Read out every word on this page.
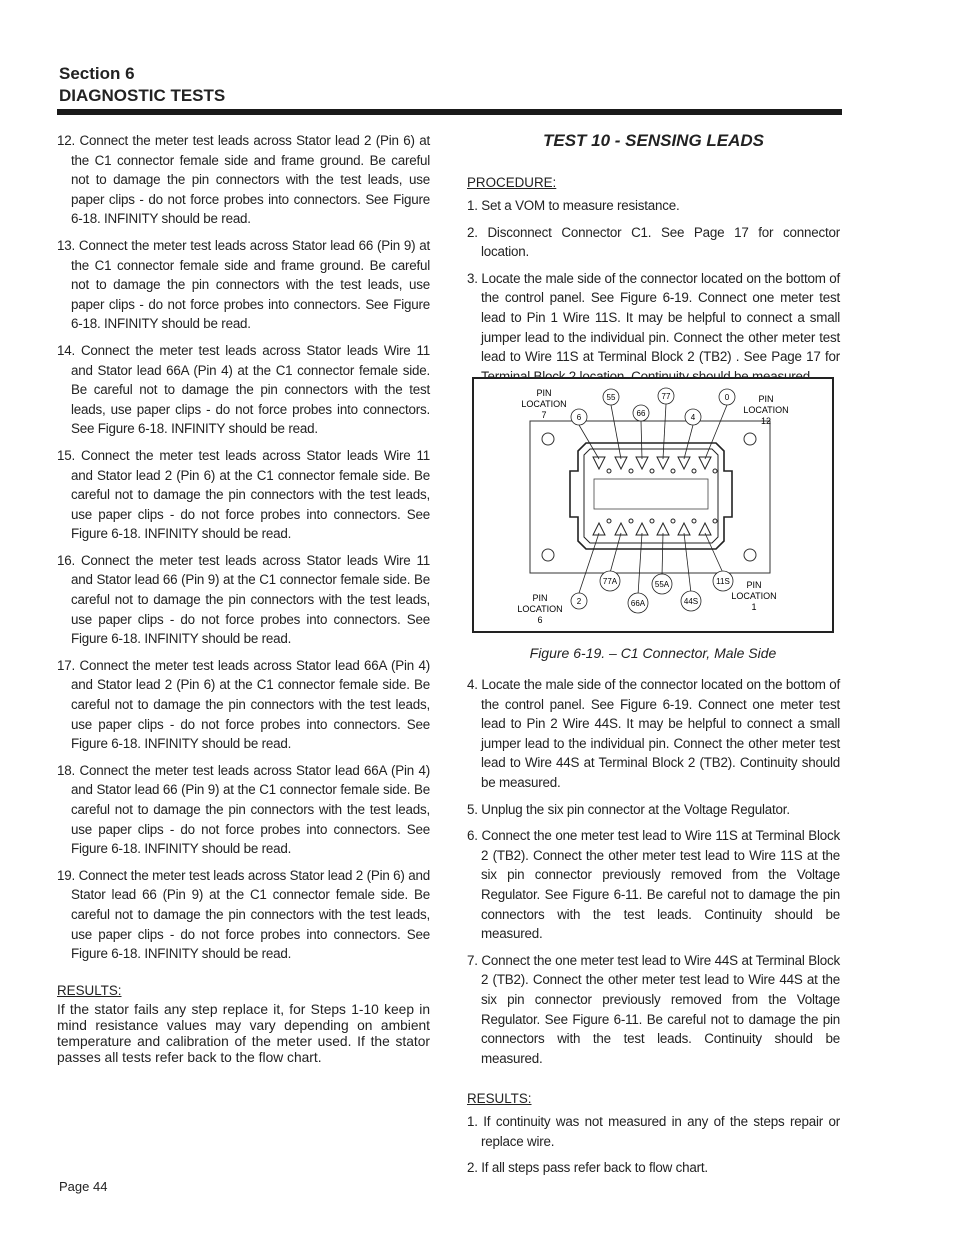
Section 6
DIAGNOSTIC TESTS
12. Connect the meter test leads across Stator lead 2 (Pin 6) at the C1 connector female side and frame ground. Be careful not to damage the pin connectors with the test leads, use paper clips - do not force probes into connectors. See Figure 6-18. INFINITY should be read.
13. Connect the meter test leads across Stator lead 66 (Pin 9) at the C1 connector female side and frame ground. Be careful not to damage the pin connectors with the test leads, use paper clips - do not force probes into connectors. See Figure 6-18. INFINITY should be read.
14. Connect the meter test leads across Stator leads Wire 11 and Stator lead 66A (Pin 4) at the C1 connector female side. Be careful not to damage the pin connectors with the test leads, use paper clips - do not force probes into connectors. See Figure 6-18. INFINITY should be read.
15. Connect the meter test leads across Stator leads Wire 11 and Stator lead 2 (Pin 6) at the C1 connector female side. Be careful not to damage the pin connectors with the test leads, use paper clips - do not force probes into connectors. See Figure 6-18. INFINITY should be read.
16. Connect the meter test leads across Stator leads Wire 11 and Stator lead 66 (Pin 9) at the C1 connector female side. Be careful not to damage the pin connectors with the test leads, use paper clips - do not force probes into connectors. See Figure 6-18. INFINITY should be read.
17. Connect the meter test leads across Stator lead 66A (Pin 4) and Stator lead 2 (Pin 6) at the C1 connector female side. Be careful not to damage the pin connectors with the test leads, use paper clips - do not force probes into connectors. See Figure 6-18. INFINITY should be read.
18. Connect the meter test leads across Stator lead 66A (Pin 4) and Stator lead 66 (Pin 9) at the C1 connector female side. Be careful not to damage the pin connectors with the test leads, use paper clips - do not force probes into connectors. See Figure 6-18. INFINITY should be read.
19. Connect the meter test leads across Stator lead 2 (Pin 6) and Stator lead 66 (Pin 9) at the C1 connector female side. Be careful not to damage the pin connectors with the test leads, use paper clips - do not force probes into connectors. See Figure 6-18. INFINITY should be read.
RESULTS:
If the stator fails any step replace it, for Steps 1-10 keep in mind resistance values may vary depending on ambient temperature and calibration of the meter used. If the stator passes all tests refer back to the flow chart.
TEST 10 - SENSING LEADS
PROCEDURE:
1. Set a VOM to measure resistance.
2. Disconnect Connector C1. See Page 17 for connector location.
3. Locate the male side of the connector located on the bottom of the control panel. See Figure 6-19. Connect one meter test lead to Pin 1 Wire 11S. It may be helpful to connect a small jumper lead to the individual pin. Connect the other meter test lead to Wire 11S at Terminal Block 2 (TB2) . See Page 17 for
6
55
66
77
4
0
2
77A
66A
55A
44S
11S
PIN
LOCATION
7
PIN
LOCATION
12
PIN
LOCATION
6
PIN
LOCATION
1
Figure 6-19. – C1 Connector, Male Side
4. Locate the male side of the connector located on the bottom of the control panel. See Figure 6-19. Connect one meter test lead to Pin 2 Wire 44S. It may be helpful to connect a small jumper lead to the individual pin. Connect the other meter test lead to Wire 44S at Terminal Block 2 (TB2). Continuity should be measured.
5. Unplug the six pin connector at the Voltage Regulator.
6. Connect the one meter test lead to Wire 11S at Terminal Block 2 (TB2). Connect the other meter test lead to Wire 11S at the six pin connector previously removed from the Voltage Regulator. See Figure 6-11. Be careful not to damage the pin connectors with the test leads. Continuity should be measured.
7. Connect the one meter test lead to Wire 44S at Terminal Block 2 (TB2). Connect the other meter test lead to Wire 44S at the six pin connector previously removed from the Voltage Regulator. See Figure 6-11. Be careful not to damage the pin connectors with the test leads. Continuity should be measured.
RESULTS:
1. If continuity was not measured in any of the steps repair or replace wire.
2. If all steps pass refer back to flow chart.
Page 44
